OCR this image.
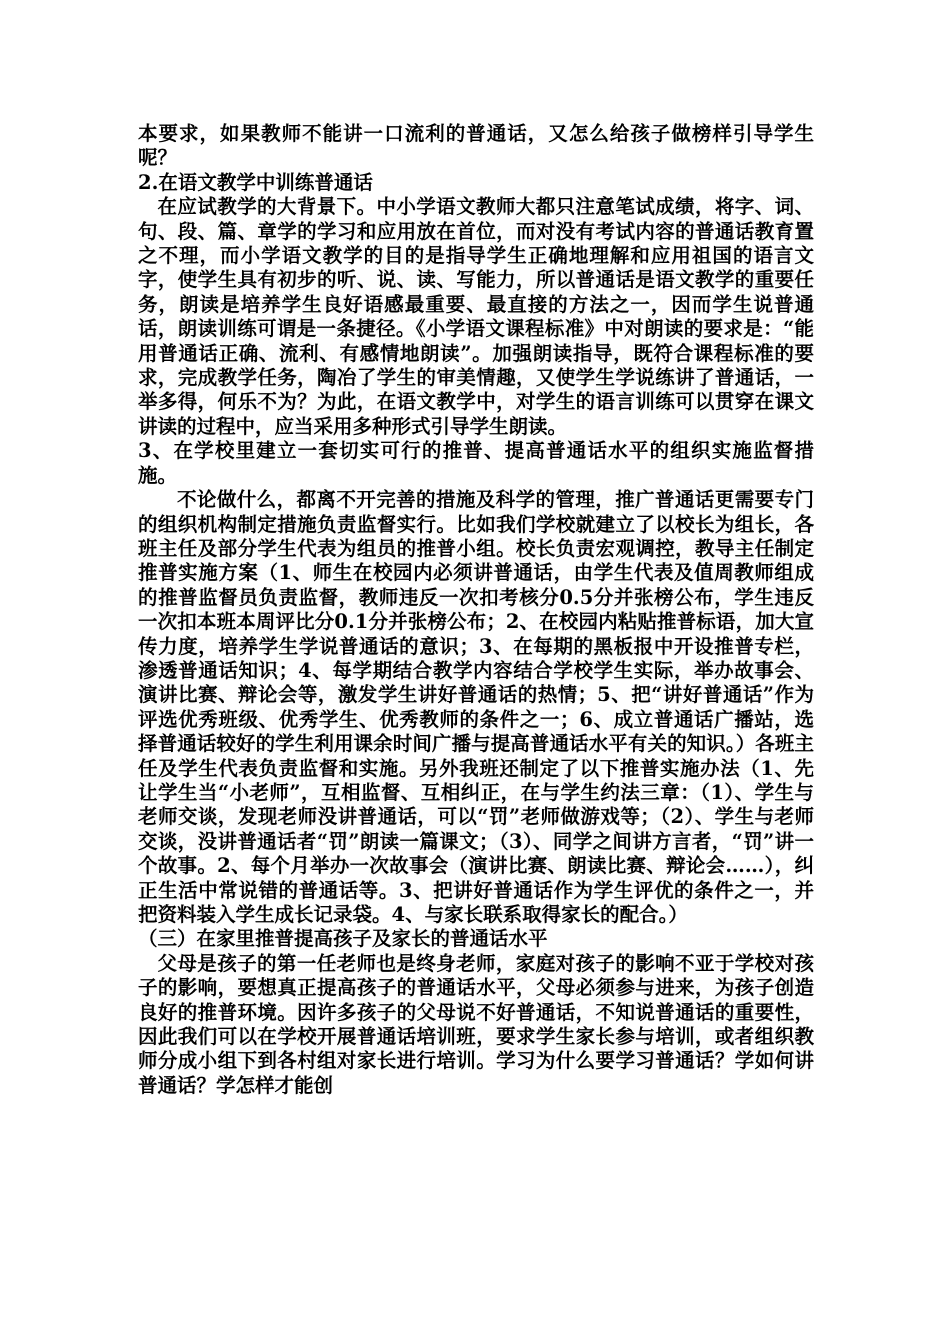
本要求，如果教师不能讲一口流利的普通话，又怎么给孩子做榜样引导学生呢？

2.在语文教学中训练普通话

在应试教学的大背景下。中小学语文教师大都只注意笔试成绩，将字、词、句、段、篇、章学的学习和应用放在首位，而对没有考试内容的普通话教育置之不理，而小学语文教学的目的是指导学生正确地理解和应用祖国的语言文字，使学生具有初步的听、说、读、写能力，所以普通话是语文教学的重要任务，朗读是培养学生良好语感最重要、最直接的方法之一，因而学生说普通话，朗读训练可谓是一条捷径。《小学语文课程标准》中对朗读的要求是：“能用普通话正确、流利、有感情地朗读”。加强朗读指导，既符合课程标准的要求，完成教学任务，陶冶了学生的审美情趣，又使学生学说练讲了普通话，一举多得，何乐不为？为此，在语文教学中，对学生的语言训练可以贯穿在课文讲读的过程中，应当采用多种形式引导学生朗读。

3、在学校里建立一套切实可行的推普、提高普通话水平的组织实施监督措施。

不论做什么，都离不开完善的措施及科学的管理，推广普通话更需要专门的组织机构制定措施负责监督实行。比如我们学校就建立了以校长为组长，各班主任及部分学生代表为组员的推普小组。校长负责宏观调控，教导主任制定推普实施方案（1、师生在校园内必须讲普通话，由学生代表及值周教师组成的推普监督员负责监督，教师违反一次扣考核分0.5分并张榜公布，学生违反一次扣本班本周评比分0.1分并张榜公布；2、在校园内粘贴推普标语，加大宣传力度，培养学生学说普通话的意识；3、在每期的黑板报中开设推普专栏，渗透普通话知识；4、每学期结合教学内容结合学校学生实际，举办故事会、演讲比赛、辩论会等，激发学生讲好普通话的热情；5、把“讲好普通话”作为评选优秀班级、优秀学生、优秀教师的条件之一；6、成立普通话广播站，选择普通话较好的学生利用课余时间广播与提高普通话水平有关的知识。）各班主任及学生代表负责监督和实施。另外我班还制定了以下推普实施办法（1、先让学生当“小老师”，互相监督、互相纠正，在与学生约法三章：（1）、学生与老师交谈，发现老师没讲普通话，可以“罚”老师做游戏等；（2）、学生与老师交谈，没讲普通话者“罚”朗读一篇课文；（3）、同学之间讲方言者，“罚”讲一个故事。2、每个月举办一次故事会（演讲比赛、朗读比赛、辩论会……），纠正生活中常说错的普通话等。3、把讲好普通话作为学生评优的条件之一，并把资料装入学生成长记录袋。4、与家长联系取得家长的配合。）

（三）在家里推普提高孩子及家长的普通话水平

父母是孩子的第一任老师也是终身老师，家庭对孩子的影响不亚于学校对孩子的影响，要想真正提高孩子的普通话水平，父母必须参与进来，为孩子创造良好的推普环境。因许多孩子的父母说不好普通话，不知说普通话的重要性，因此我们可以在学校开展普通话培训班，要求学生家长参与培训，或者组织教师分成小组下到各村组对家长进行培训。学习为什么要学习普通话？学如何讲普通话？学怎样才能创
